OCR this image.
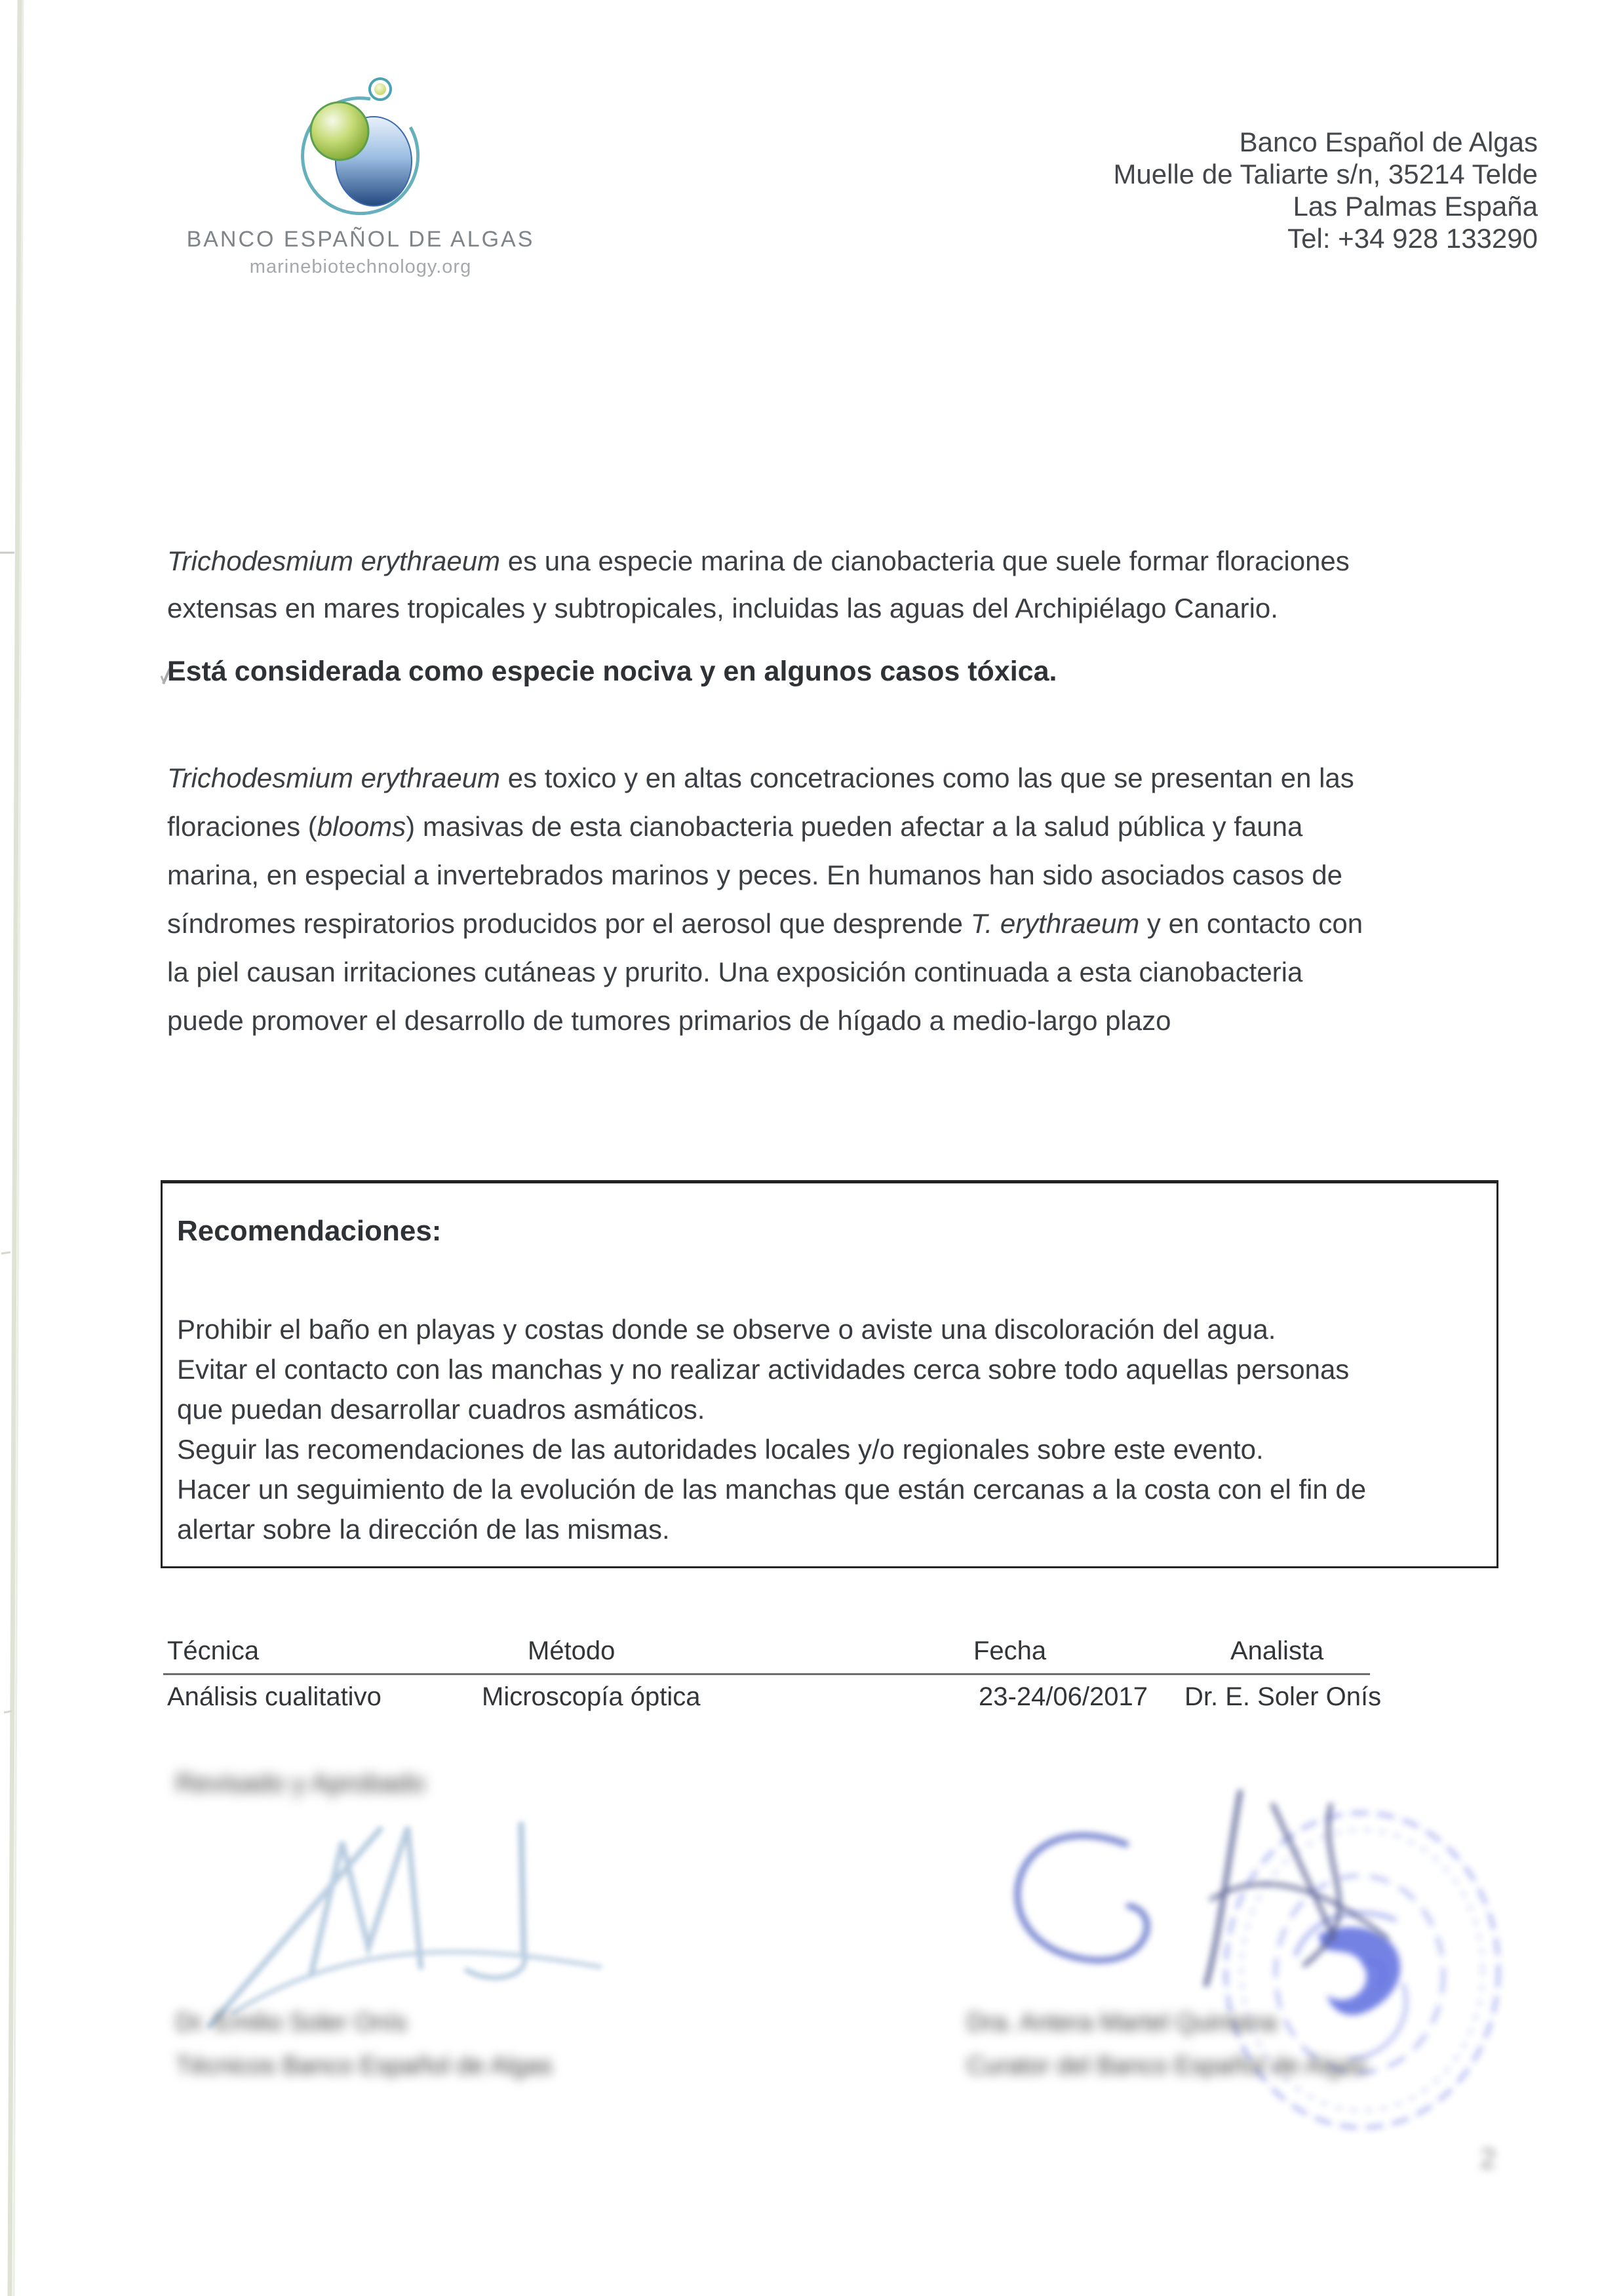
BANCO ESPAÑOL DE ALGAS
marinebiotechnology.org
Banco Español de Algas
Muelle de Taliarte s/n, 35214 Telde
Las Palmas España
Tel: +34 928 133290
Trichodesmium erythraeum es una especie marina de cianobacteria que suele formar floraciones
extensas en mares tropicales y subtropicales, incluidas las aguas del Archipiélago Canario.
Está considerada como especie nociva y en algunos casos tóxica.
Trichodesmium erythraeum es toxico y en altas concetraciones como las que se presentan en las
floraciones (blooms) masivas de esta cianobacteria pueden afectar a la salud pública y fauna
marina, en especial a invertebrados marinos y peces. En humanos han sido asociados casos de
síndromes respiratorios producidos por el aerosol que desprende T. erythraeum y en contacto con
la piel causan irritaciones cutáneas y prurito. Una exposición continuada a esta cianobacteria
puede promover el desarrollo de tumores primarios de hígado a medio-largo plazo
Recomendaciones:
Prohibir el baño en playas y costas donde se observe o aviste una discoloración del agua.
Evitar el contacto con las manchas y no realizar actividades cerca sobre todo aquellas personas
que puedan desarrollar cuadros asmáticos.
Seguir las recomendaciones de las autoridades locales y/o regionales sobre este evento.
Hacer un seguimiento de la evolución de las manchas que están cercanas a la costa con el fin de
alertar sobre la dirección de las mismas.
Técnica	Método	Fecha	Analista
Análisis cualitativo	Microscopía óptica	23-24/06/2017 Dr. E. Soler Onís
Revisado y Aprobado
Dr. Emilio Soler Onís
Técnicos Banco Español de Algas
Dra. Antera Martel Quintana
Curator del Banco Español de Algas
2
